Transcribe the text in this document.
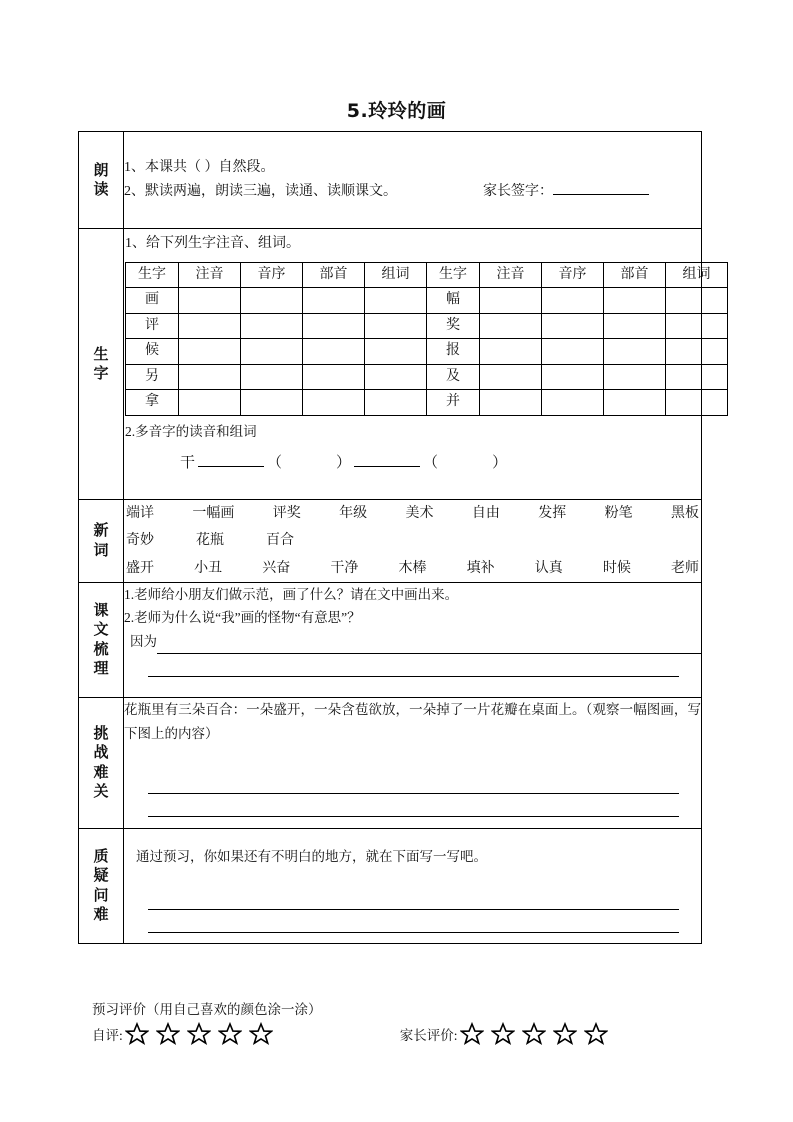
5.玲玲的画
朗
读

1、本课共（ ）自然段。
2、默读两遍，朗读三遍，读通、读顺课文。	家长签字：

生
字

1、给下列生字注音、组词。
生字	注音	音序	部首	组词	生字	注音	音序	部首	组词
画					幅				
评					奖				
候					报				
另					及				
拿					并				
2.多音字的读音和组词
干	（	）	（	）

新
词

端详	一幅画	评奖	年级	美术	自由	发挥	粉笔	黑板
奇妙	花瓶	百合
盛开	小丑	兴奋	干净	木棒	填补	认真	时候	老师

课
文
梳
理

1.老师给小朋友们做示范，画了什么？请在文中画出来。
2.老师为什么说“我”画的怪物“有意思”？
因为

挑
战
难
关

花瓶里有三朵百合：一朵盛开，一朵含苞欲放，一朵掉了一片花瓣在桌面上。（观察一幅图画，写下图上的内容）

质
疑
问
难

通过预习，你如果还有不明白的地方，就在下面写一写吧。
预习评价（用自己喜欢的颜色涂一涂）
自评:	家长评价:
